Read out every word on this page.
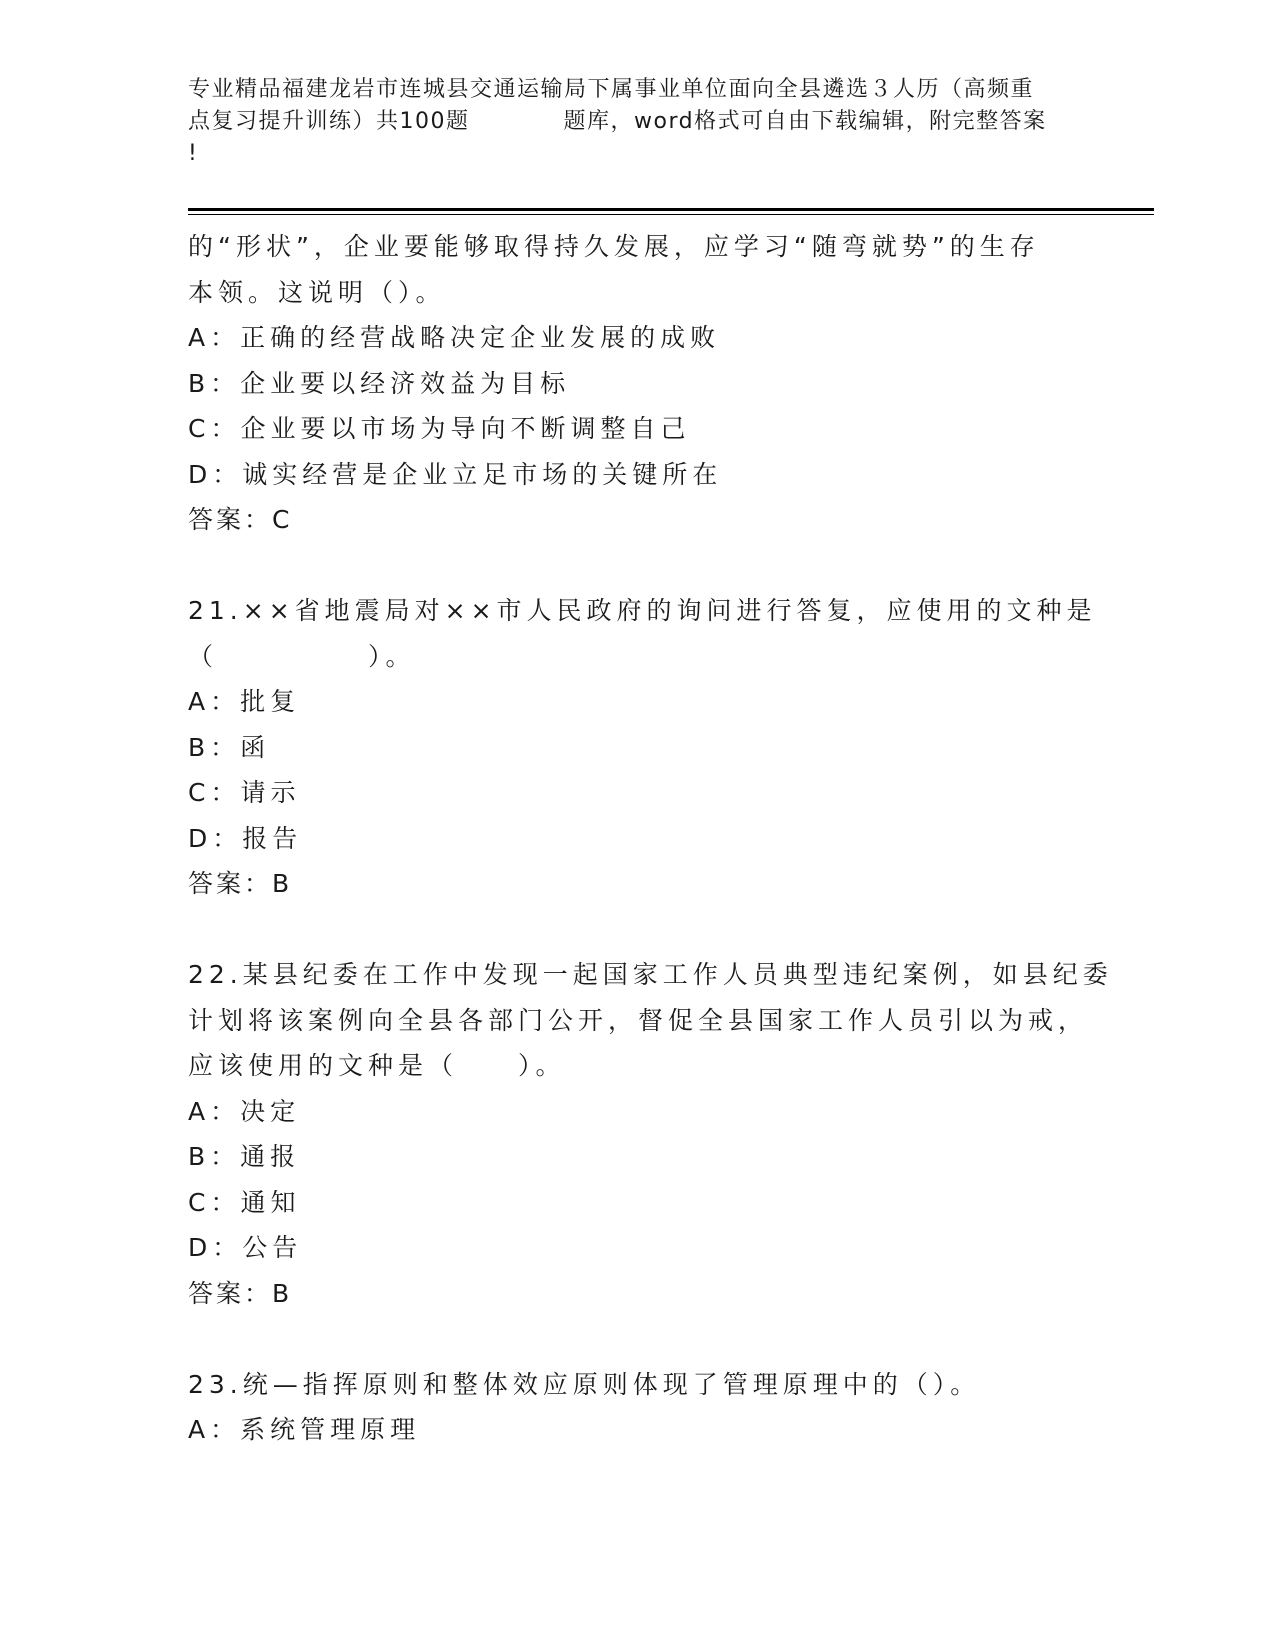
专业精品福建龙岩市连城县交通运输局下属事业单位面向全县遴选３人历（高频重
点复习提升训练）共100题　　　　题库，word格式可自由下载编辑，附完整答案
!
的“形状”，企业要能够取得持久发展，应学习“随弯就势”的生存
本领。这说明（）。
A：正确的经营战略决定企业发展的成败
B：企业要以经济效益为目标
C：企业要以市场为导向不断调整自己
D：诚实经营是企业立足市场的关键所在
答案：C
21.××省地震局对××市人民政府的询问进行答复，应使用的文种是
（　　　　　）。
A：批复
B：函
C：请示
D：报告
答案：B
22.某县纪委在工作中发现一起国家工作人员典型违纪案例，如县纪委
计划将该案例向全县各部门公开，督促全县国家工作人员引以为戒，
应该使用的文种是（　　）。
A：决定
B：通报
C：通知
D：公告
答案：B
23.统—指挥原则和整体效应原则体现了管理原理中的（）。
A：系统管理原理
